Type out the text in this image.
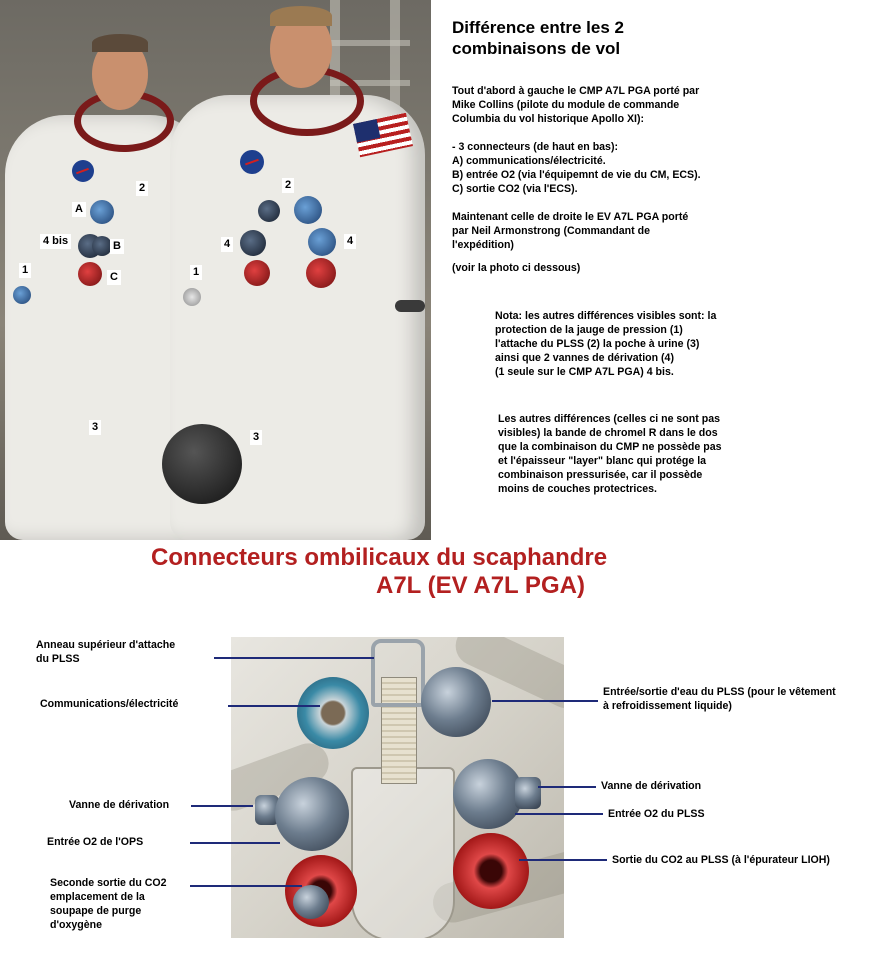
A
B
C
4 bis
1	1
2	2
3
3
4	4
Différence entre les 2
combinaisons de vol
Tout d'abord à gauche le CMP A7L PGA porté par
Mike Collins (pilote du module de commande
Columbia du vol historique Apollo XI):
- 3 connecteurs (de haut en bas):
A) communications/électricité.
B) entrée O2 (via l'équipemnt de vie du CM, ECS).
C) sortie CO2 (via l'ECS).
Maintenant celle de droite le EV A7L PGA porté
par Neil Armonstrong (Commandant de
l'expédition)
(voir la photo ci dessous)
Nota: les autres différences visibles sont: la
protection de la jauge de pression (1)
l'attache du PLSS (2) la poche à urine (3)
ainsi que 2 vannes de dérivation (4)
(1 seule sur le CMP A7L PGA) 4 bis.
Les autres différences (celles ci ne sont pas
visibles) la bande de chromel R dans le dos
que la combinaison du CMP ne possède pas
et l'épaisseur "layer" blanc qui protége la
combinaison pressurisée, car il possède
moins de couches protectrices.
Connecteurs ombilicaux du scaphandre
A7L (EV A7L PGA)
Anneau supérieur d'attache
du PLSS
Communications/électricité
Vanne de dérivation
Entrée O2 de l'OPS
Seconde sortie du CO2
emplacement de la
soupape de purge
d'oxygène
Entrée/sortie d'eau du PLSS (pour le vêtement
à refroidissement liquide)
Vanne de dérivation
Entrée O2 du PLSS
Sortie du CO2 au PLSS (à l'épurateur LIOH)
